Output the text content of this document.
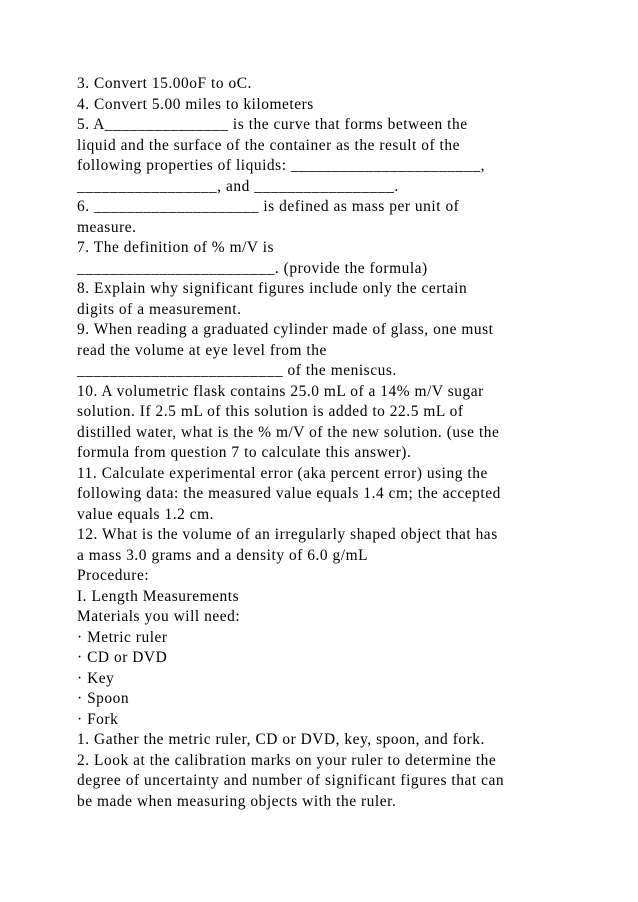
3. Convert 15.00oF to oC.
4. Convert 5.00 miles to kilometers
5. A_______________ is the curve that forms between the
liquid and the surface of the container as the result of the
following properties of liquids: _______________________,
_________________, and _________________.
6. ____________________ is defined as mass per unit of
measure.
7. The definition of % m/V is
________________________. (provide the formula)
8. Explain why significant figures include only the certain
digits of a measurement.
9. When reading a graduated cylinder made of glass, one must
read the volume at eye level from the
_________________________ of the meniscus.
10. A volumetric flask contains 25.0 mL of a 14% m/V sugar
solution. If 2.5 mL of this solution is added to 22.5 mL of
distilled water, what is the % m/V of the new solution. (use the
formula from question 7 to calculate this answer).
11. Calculate experimental error (aka percent error) using the
following data: the measured value equals 1.4 cm; the accepted
value equals 1.2 cm.
12. What is the volume of an irregularly shaped object that has
a mass 3.0 grams and a density of 6.0 g/mL
Procedure:
I. Length Measurements
Materials you will need:
· Metric ruler
· CD or DVD
· Key
· Spoon
· Fork
1. Gather the metric ruler, CD or DVD, key, spoon, and fork.
2. Look at the calibration marks on your ruler to determine the
degree of uncertainty and number of significant figures that can
be made when measuring objects with the ruler.
